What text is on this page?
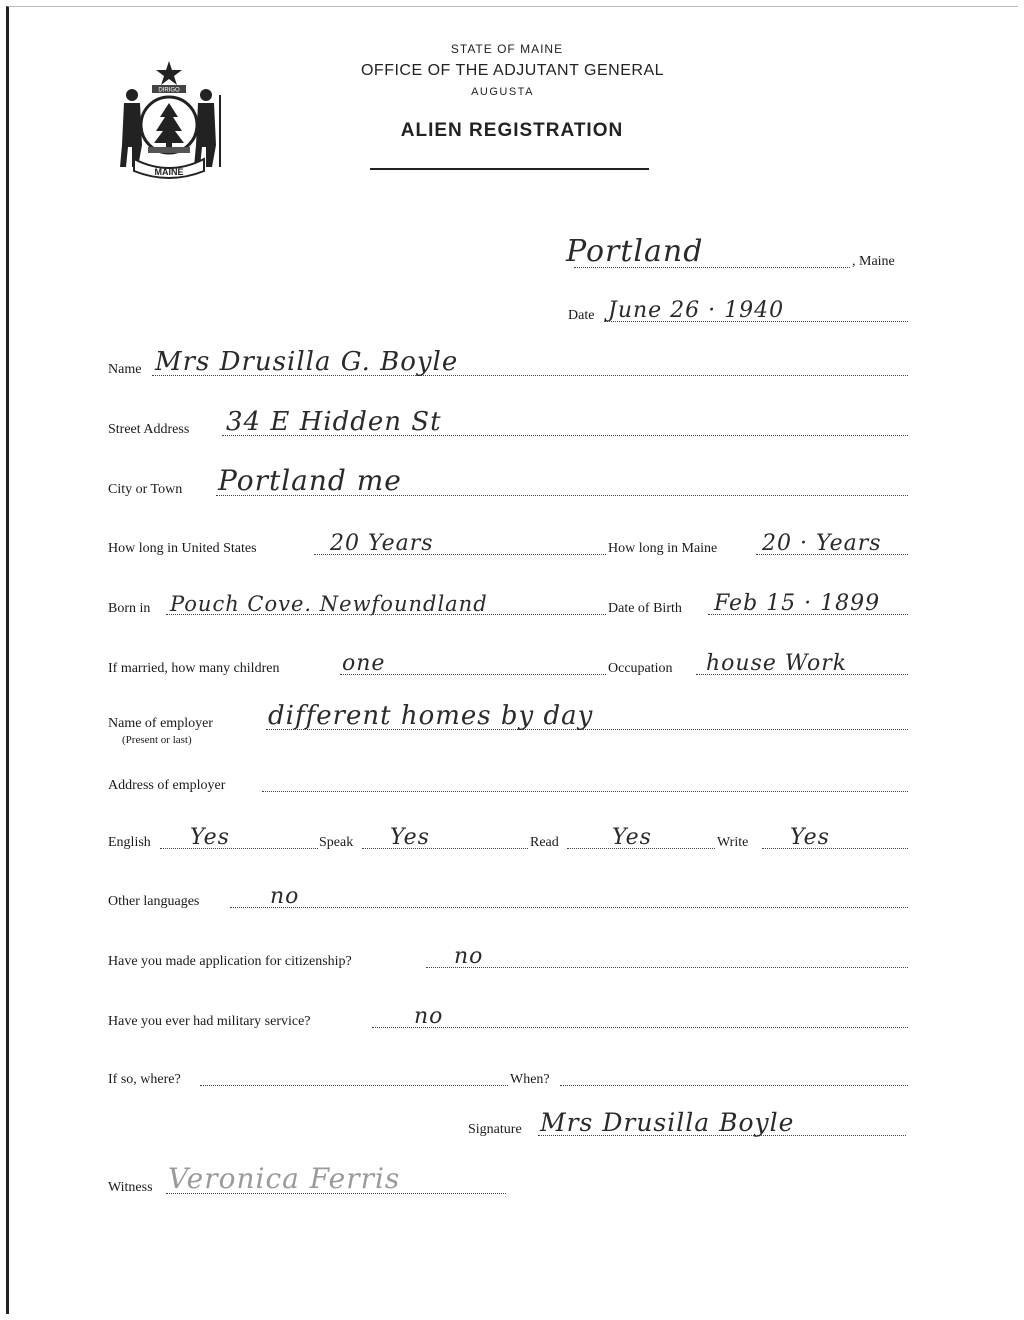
DIRIGO
MAINE
STATE OF MAINE
OFFICE OF THE ADJUTANT GENERAL
AUGUSTA
ALIEN REGISTRATION
Portland	, Maine
Date June 26 · 1940
Name Mrs Drusilla G. Boyle
Street Address 34 E Hidden St
City or Town Portland me
How long in United States	20 Years	How long in Maine 20 · Years
Born in Pouch Cove. Newfoundland	Date of Birth Feb 15 · 1899
If married, how many children	one	Occupation house Work
Name of employer different homes by day
(Present or last)
Address of employer
English Yes	Speak Yes	Read Yes	Write Yes
Other languages	no
Have you made application for citizenship?	no
Have you ever had military service?	no
If so, where?	When?
Signature Mrs Drusilla Boyle
Witness Veronica Ferris
